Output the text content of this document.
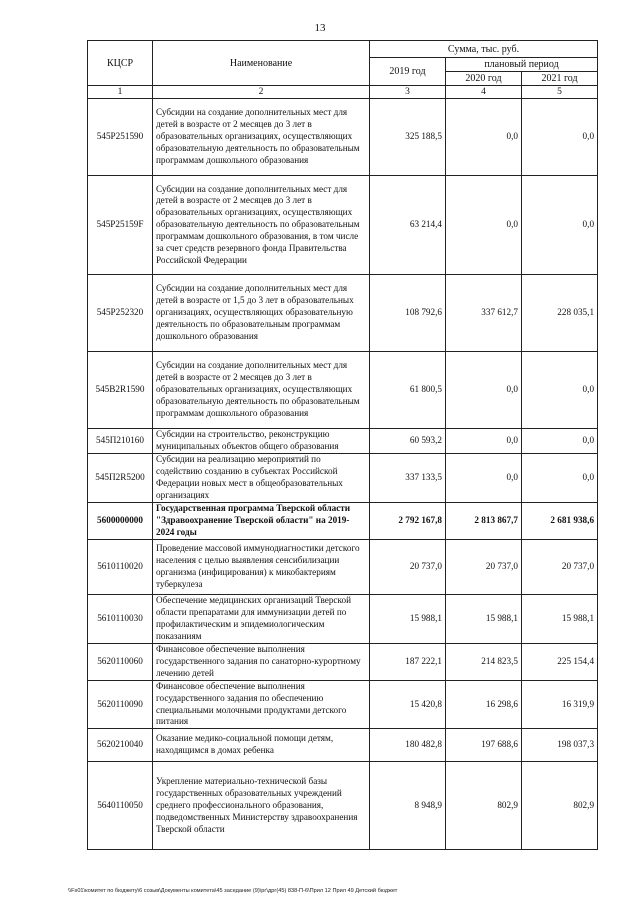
13
КЦСР	Наименование	Сумма, тыс. руб.		
		2019 год	плановый период	
			2020 год	2021 год
1	2	3	4	5
545P251590	Субсидии на создание дополнительных мест для детей в возрасте от 2 месяцев до 3 лет в образовательных организациях, осуществляющих образовательную деятельность по образовательным программам дошкольного образования	325 188,5	0,0	0,0
545P25159F	Субсидии на создание дополнительных мест для детей в возрасте от 2 месяцев до 3 лет в образовательных организациях, осуществляющих образовательную деятельность по образовательным программам дошкольного образования, в том числе за счет средств резервного фонда Правительства Российской Федерации	63 214,4	0,0	0,0
545P252320	Субсидии на создание дополнительных мест для детей в возрасте от 1,5 до 3 лет в образовательных организациях, осуществляющих образовательную деятельность по образовательным программам дошкольного образования	108 792,6	337 612,7	228 035,1
545B2R1590	Субсидии на создание дополнительных мест для детей в возрасте от 2 месяцев до 3 лет в образовательных организациях, осуществляющих образовательную деятельность по образовательным программам дошкольного образования	61 800,5	0,0	0,0
545П210160	Субсидии на строительство, реконструкцию муниципальных объектов общего образования	60 593,2	0,0	0,0
545П2R5200	Субсидии на реализацию мероприятий по содействию созданию в субъектах Российской Федерации новых мест в общеобразовательных организациях	337 133,5	0,0	0,0
5600000000	Государственная программа Тверской области "Здравоохранение Тверской области" на 2019-2024 годы	2 792 167,8	2 813 867,7	2 681 938,6
5610110020	Проведение массовой иммунодиагностики детского населения с целью выявления сенсибилизации организма (инфицирования) к микобактериям туберкулеза	20 737,0	20 737,0	20 737,0
5610110030	Обеспечение медицинских организаций Тверской области препаратами для иммунизации детей по профилактическим и эпидемиологическим показаниям	15 988,1	15 988,1	15 988,1
5620110060	Финансовое обеспечение выполнения государственного задания по санаторно-курортному лечению детей	187 222,1	214 823,5	225 154,4
5620110090	Финансовое обеспечение выполнения государственного задания по обеспечению специальными молочными продуктами детского питания	15 420,8	16 298,6	16 319,9
5620210040	Оказание медико-социальной помощи детям, находящимся в домах ребенка	180 482,8	197 688,6	198 037,3
5640110050	Укрепление материально-технической базы государственных образовательных учреждений среднего профессионального образования, подведомственных Министерству здравоохранения Тверской области	8 948,9	802,9	802,9
\\Fs01\комитет по бюджету\6 созыв\Документы комитета\45 заседание (9)\рг\дрг(45) 838-П-6\Прил 12 Прил 49 Детский бюджет
